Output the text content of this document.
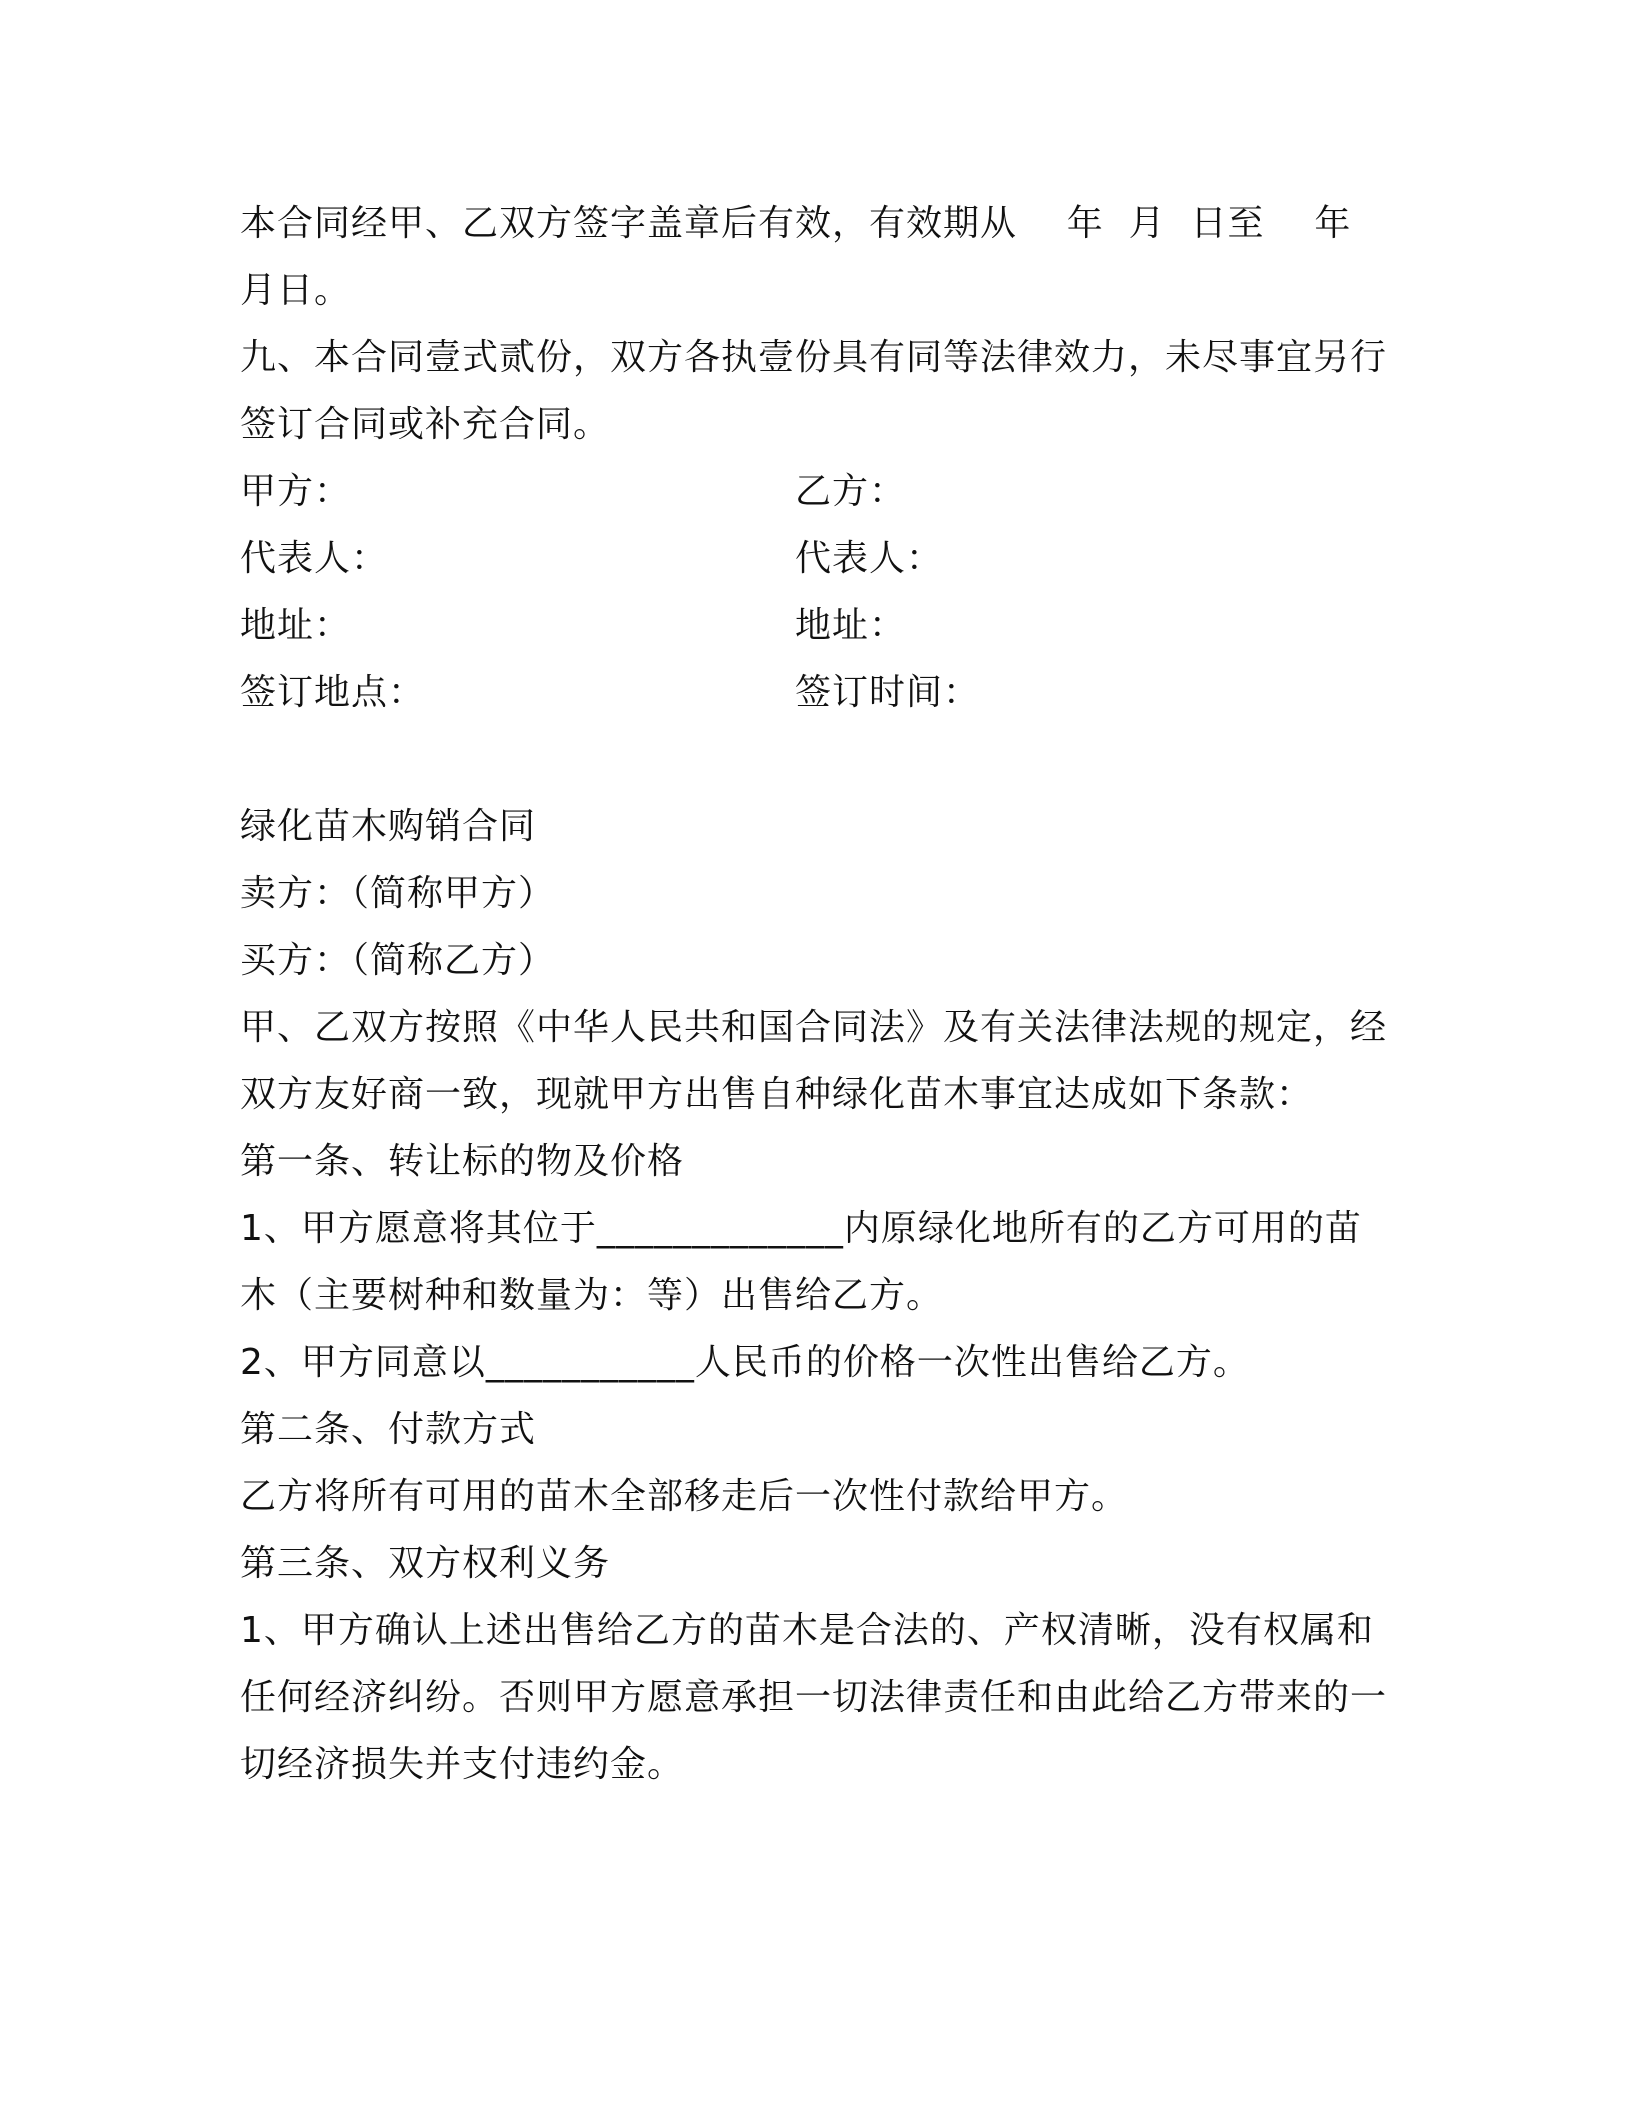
本合同经甲、乙双方签字盖章后有效，有效期从    年  月  日至    年  月日。

九、本合同壹式贰份，双方各执壹份具有同等法律效力，未尽事宜另行签订合同或补充合同。

甲方：	乙方：
代表人：	代表人：
地址：	地址：
签订地点：	签订时间：

绿化苗木购销合同

卖方：（简称甲方）

买方：（简称乙方）

甲、乙双方按照《中华人民共和国合同法》及有关法律法规的规定，经双方友好商一致，现就甲方出售自种绿化苗木事宜达成如下条款：

第一条、转让标的物及价格

1、甲方愿意将其位于_____________内原绿化地所有的乙方可用的苗木（主要树种和数量为：等）出售给乙方。

2、甲方同意以___________人民币的价格一次性出售给乙方。

第二条、付款方式

乙方将所有可用的苗木全部移走后一次性付款给甲方。

第三条、双方权利义务

1、甲方确认上述出售给乙方的苗木是合法的、产权清晰，没有权属和任何经济纠纷。否则甲方愿意承担一切法律责任和由此给乙方带来的一切经济损失并支付违约金。
